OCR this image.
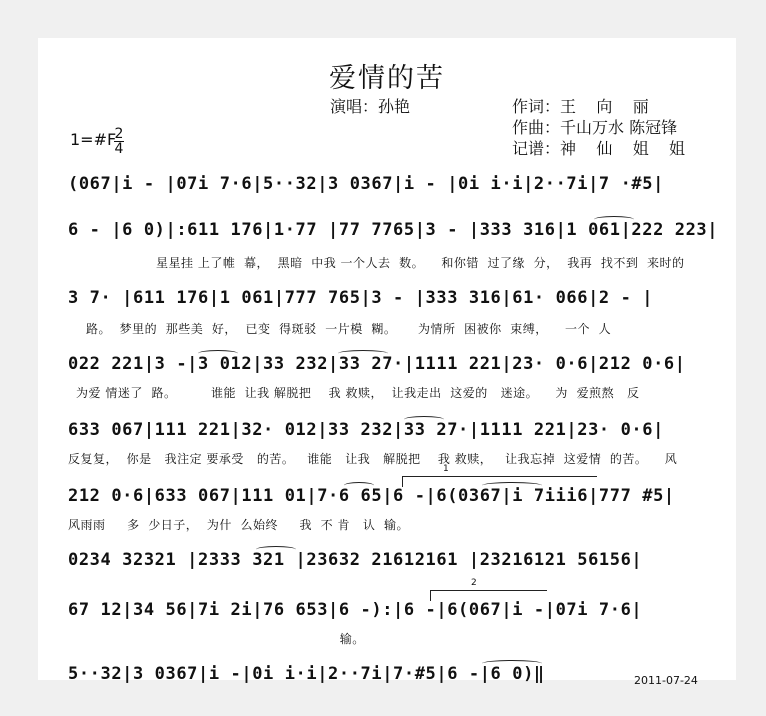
爱情的苦
演唱：孙艳	作词：王    向    丽
作曲：千山万水 陈冠锋
记谱：神    仙    姐    姐
1=#F
2
4
(067|i - |07i 7·6|5··32|3 0367|i - |0i i·i|2··7i|7 ·#5|
6 - |6 0)|:611 176|1·77 |77 7765|3 - |333 316|1 061|222 223|
星星挂 上了帷  幕，  黑暗  中我 一个人去  数。    和你错  过了缘  分，  我再  找不到  来时的
3 7· |611 176|1 061|777 765|3 - |333 316|61· 066|2 - |
路。  梦里的  那些美  好，  已变  得斑驳  一片模  糊。     为情所  困被你  束缚，    一个  人
022 221|3 -|3 012|33 232|33 27·|1111 221|23· 0·6|212 0·6|
为爱 情迷了  路。        谁能  让我 解脱把    我 救赎，  让我走出  这爱的   迷途。    为  爱煎熬   反
633 067|111 221|32· 012|33 232|33 27·|1111 221|23· 0·6|
反复复，  你是   我注定 要承受   的苦。   谁能   让我   解脱把    我 救赎，   让我忘掉  这爱情  的苦。    风
1
212 0·6|633 067|111 01|7·6 65|6 -|6(0367|i 7iii6|777 #5|
风雨雨     多  少日子，  为什  么始终     我  不 肯   认  输。
0234 32321 |2333 321 |23632 21612161 |23216121 56156|
2
67 12|34 56|7i 2i|76 653|6 -):|6 -|6(067|i -|07i 7·6|
输。
5··32|3 0367|i -|0i i·i|2··7i|7·#5|6 -|6 0)‖	2011-07-24
